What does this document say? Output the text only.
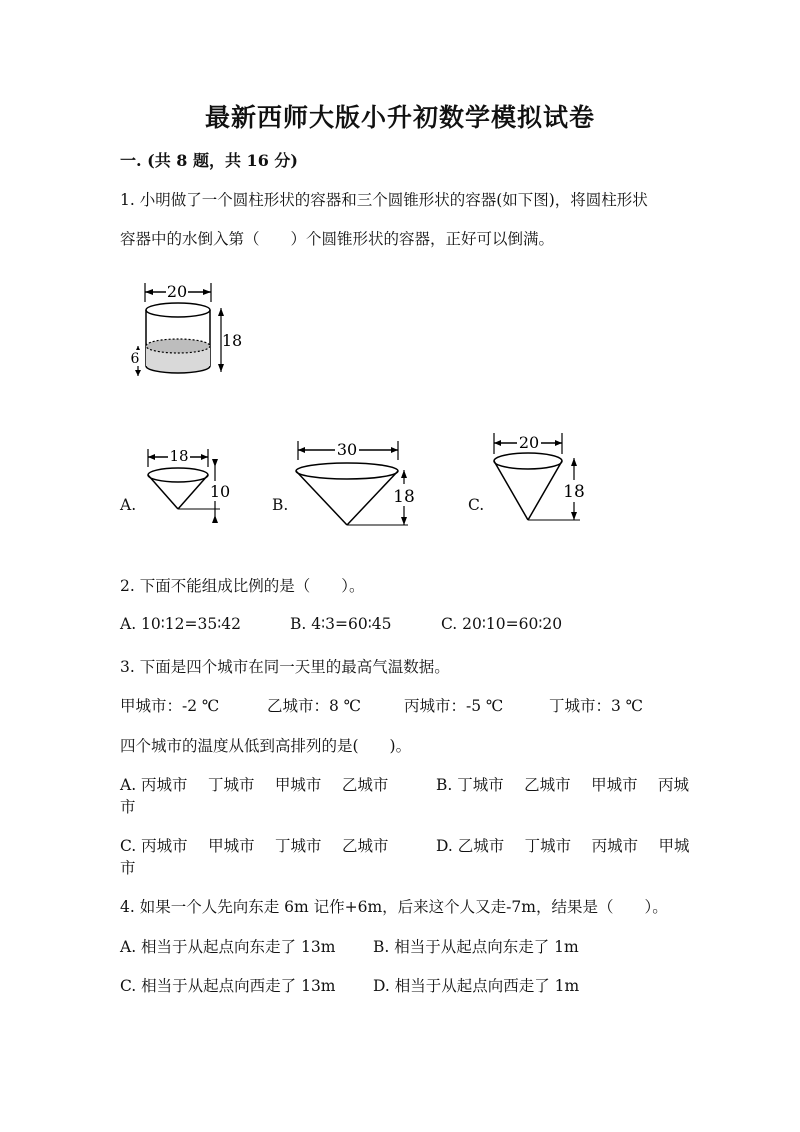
最新西师大版小升初数学模拟试卷
一. (共 8 题，共 16 分)
1. 小明做了一个圆柱形状的容器和三个圆锥形状的容器(如下图)，将圆柱形状
容器中的水倒入第（　　）个圆锥形状的容器，正好可以倒满。
20
18
6
A.
18
10
B.
30
18	C.
20
18
2. 下面不能组成比例的是（　　）。
A. 10∶12=35∶42	B. 4∶3=60∶45	C. 20∶10=60∶20
3. 下面是四个城市在同一天里的最高气温数据。
甲城市：-2 ℃	乙城市：8 ℃	丙城市：-5 ℃	丁城市：3 ℃
四个城市的温度从低到高排列的是(　　)。
A. 丙城市　 丁城市　 甲城市　 乙城市	B. 丁城市　 乙城市　 甲城市　 丙城
市
C. 丙城市　 甲城市　 丁城市　 乙城市	D. 乙城市　 丁城市　 丙城市　 甲城
市
4. 如果一个人先向东走 6m 记作+6m，后来这个人又走-7m，结果是（　　）。
A. 相当于从起点向东走了 13m B. 相当于从起点向东走了 1m
C. 相当于从起点向西走了 13m D. 相当于从起点向西走了 1m
